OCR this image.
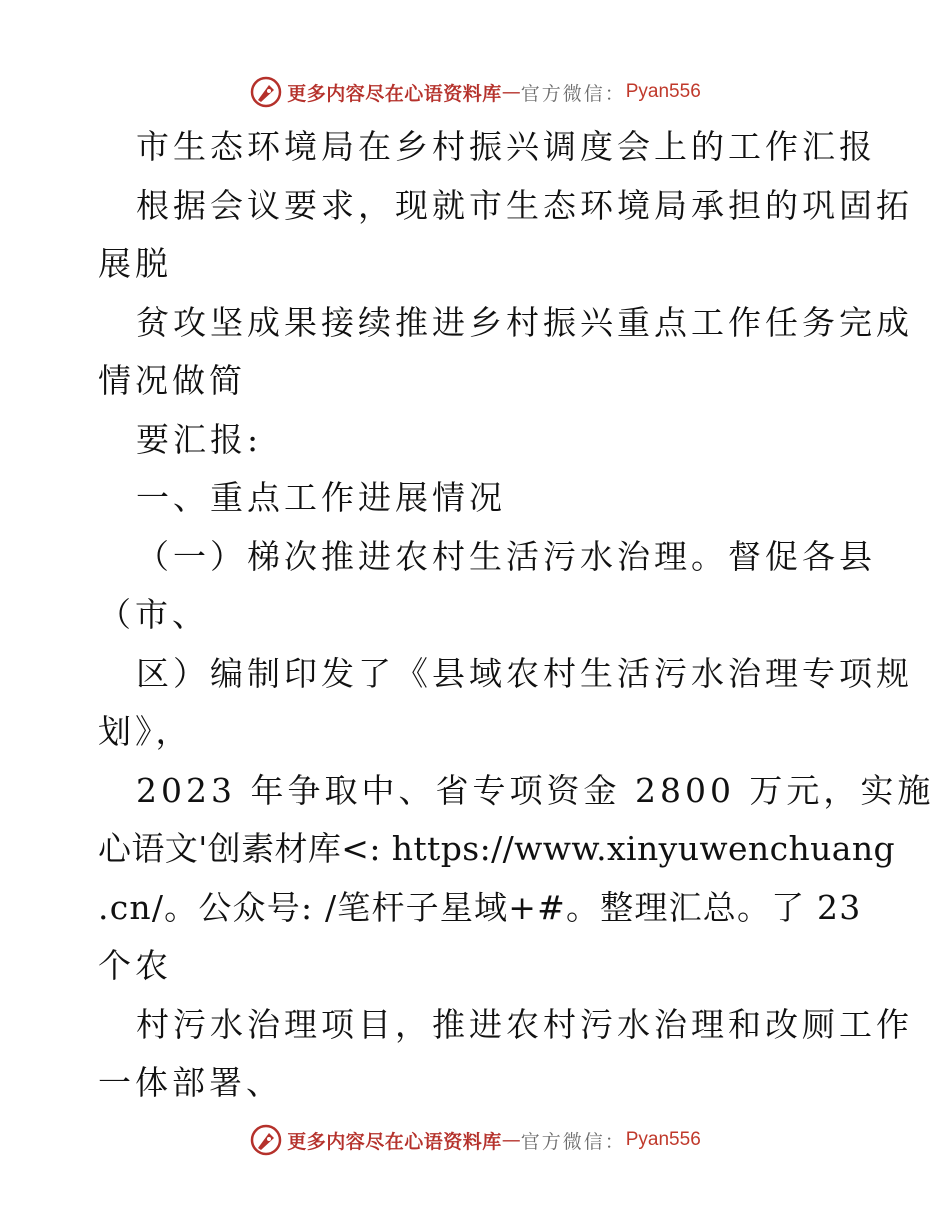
更多内容尽在心语资料库 — 官方微信： Pyan556
市生态环境局在乡村振兴调度会上的工作汇报
根据会议要求，现就市生态环境局承担的巩固拓
展脱
贫攻坚成果接续推进乡村振兴重点工作任务完成
情况做简
要汇报:
一、重点工作进展情况
（一）梯次推进农村生活污水治理。督促各县
（市、
区）编制印发了《县域农村生活污水治理专项规
划》，
2023 年争取中、省专项资金 2800 万元，实施
心语文'创素材库<: https://www.xinyuwenchuang
.cn/。公众号: /笔杆子星域+#。整理汇总。了 23
个农
村污水治理项目，推进农村污水治理和改厕工作
一体部署、
更多内容尽在心语资料库 — 官方微信： Pyan556
